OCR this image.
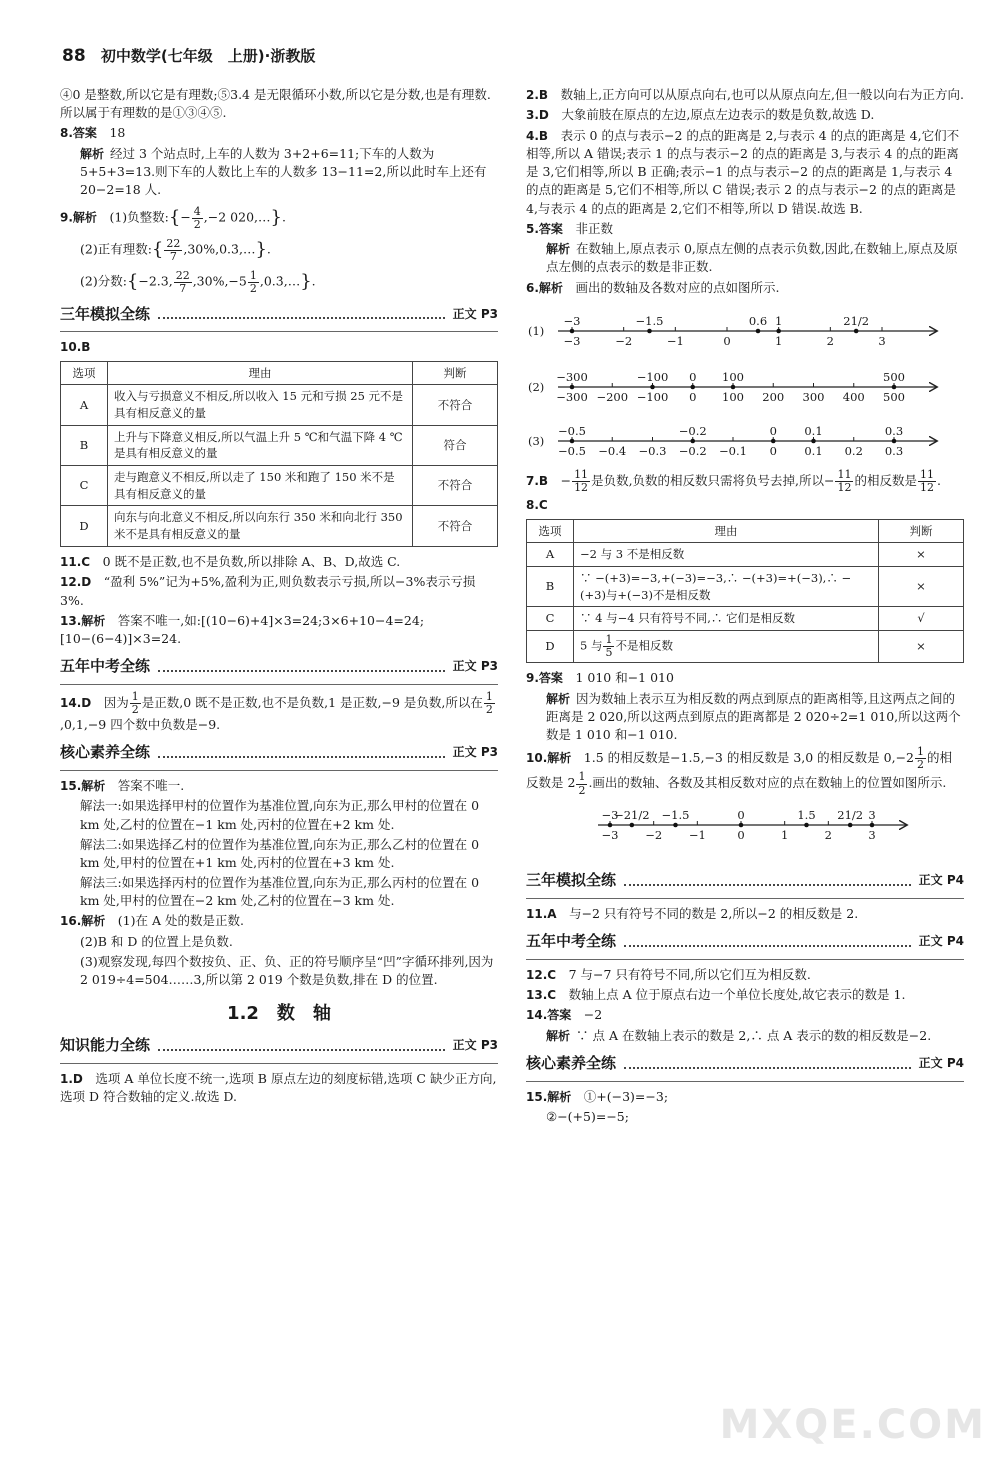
88 初中数学(七年级　上册)·浙教版

④0 是整数,所以它是有理数;⑤3.4̇ 是无限循环小数,所以它是分数,也是有理数.所以属于有理数的是①③④⑤.

8.答案　 18

解析 经过 3 个站点时,上车的人数为 3+2+6=11;下车的人数为 5+5+3=13.则下车的人数比上车的人数多 13−11=2,所以此时车上还有 20−2=18 人.

9.解析　 (1)负整数:{− $\frac{4}{2} ,-2$ 020,…}.

(2)正有理数:{ $\frac{22}{7}$ ,30%,0.3̇,…}.

(2)分数:{−2.3, $\frac{22}{7} ,30\%,-5 \frac{1}{2}$ ,0.3̇,…}.

三年模拟全练	正文 P3

10.B

选项	理由	判断
A	收入与亏损意义不相反,所以收入 15 元和亏损 25 元不是具有相反意义的量	不符合
B	上升与下降意义相反,所以气温上升 5 ℃和气温下降 4 ℃是具有相反意义的量	符合
C	走与跑意义不相反,所以走了 150 米和跑了 150 米不是具有相反意义的量	不符合
D	向东与向北意义不相反,所以向东行 350 米和向北行 350 米不是具有相反意义的量	不符合

11.C　 0 既不是正数,也不是负数,所以排除 A、B、D,故选 C.

12.D　 “盈利 5%”记为+5%,盈利为正,则负数表示亏损,所以−3%表示亏损 3%.

13.解析　 答案不唯一,如:[(10−6)+4]×3=24;3×6+10−4=24;[10−(6−4)]×3=24.

五年中考全练	正文 P3

14.D　 因为 $\frac{1}{2}$ 是正数,0 既不是正数,也不是负数,1 是正数,−9 是负数,所以在 $\frac{1}{2}$
,0,1,−9 四个数中负数是−9.

核心素养全练	正文 P3

15.解析　 答案不唯一.

解法一:如果选择甲村的位置作为基准位置,向东为正,那么甲村的位置在 0 km 处,乙村的位置在−1 km 处,丙村的位置在+2 km 处.

解法二:如果选择乙村的位置作为基准位置,向东为正,那么乙村的位置在 0 km 处,甲村的位置在+1 km 处,丙村的位置在+3 km 处.

解法三:如果选择丙村的位置作为基准位置,向东为正,那么丙村的位置在 0 km 处,甲村的位置在−2 km 处,乙村的位置在−3 km 处.

16.解析　 (1)在 A 处的数是正数.

(2)B 和 D 的位置上是负数.

(3)观察发现,每四个数按负、正、负、正的符号顺序呈“凹”字循环排列,因为 2 019÷4=504……3,所以第 2 019 个数是负数,排在 D 的位置.

1.2　数　轴
知识能力全练	正文 P3

1.D　 选项 A 单位长度不统一,选项 B 原点左边的刻度标错,选项 C 缺少正方向,选项 D 符合数轴的定义.故选 D.

2.B　 数轴上,正方向可以从原点向右,也可以从原点向左,但一般以向右为正方向.

3.D　 大象前肢在原点的左边,原点左边表示的数是负数,故选 D.

4.B　 表示 0 的点与表示−2 的点的距离是 2,与表示 4 的点的距离是 4,它们不相等,所以 A 错误;表示 1 的点与表示−2 的点的距离是 3,与表示 4 的点的距离是 3,它们相等,所以 B 正确;表示−1 的点与表示−2 的点的距离是 1,与表示 4 的点的距离是 5,它们不相等,所以 C 错误;表示 2 的点与表示−2 的点的距离是 4,与表示 4 的点的距离是 2,它们不相等,所以 D 错误.故选 B.

5.答案　 非正数

解析 在数轴上,原点表示 0,原点左侧的点表示负数,因此,在数轴上,原点及原点左侧的点表示的数是非正数.

6.解析　 画出的数轴及各数对应的点如图所示.

(1)
−3	−2	−1	0	1	2	3
−3	−1.5	0.6 1	21/2
(2)
−300 −200 −100 0 100 200 300 400 500
−300	−100 0 100	500
(3)
−0.5 −0.4 −0.3 −0.2 −0.1 0 0.1 0.2 0.3
−0.5	−0.2	0 0.1	0.3

7.B　 − $\frac{11}{12}$ 是负数,负数的相反数只需将负号去掉,所以− $\frac{11}{12}$ 的相反数是 $\frac{11}{12}$ .

8.C

选项	理由	判断
A	−2 与 3 不是相反数	×
B	∵ −(+3)=−3,+(−3)=−3,∴ −(+3)=+(−3),∴ −(+3)与+(−3)不是相反数	×
C	∵ 4 与−4 只有符号不同,∴ 它们是相反数	√
D	5 与 $\frac{1}{5}$ 不是相反数	×

9.答案　 1 010 和−1 010

解析 因为数轴上表示互为相反数的两点到原点的距离相等,且这两点之间的距离是 2 020,所以这两点到原点的距离都是 2 020÷2=1 010,所以这两个数是 1 010 和−1 010.

10.解析　 1.5 的相反数是−1.5,−3 的相反数是 3,0 的相反数是 $0,-2 \frac{1}{2}$ 的相反数是 $2 \frac{1}{2}$ .画出的数轴、各数及其相反数对应的点在数轴上的位置如图所示.

−3 −2 −1	0	1	2	3
−3
−21/2 −1.5	0	1.5 21/2 3
三年模拟全练	正文 P4

11.A　 与−2 只有符号不同的数是 2,所以−2 的相反数是 2.

五年中考全练	正文 P4

12.C　 7 与−7 只有符号不同,所以它们互为相反数.

13.C　 数轴上点 A 位于原点右边一个单位长度处,故它表示的数是 1.

14.答案　 −2

解析 ∵ 点 A 在数轴上表示的数是 2,∴ 点 A 表示的数的相反数是−2.

核心素养全练	正文 P4

15.解析　 ①+(−3)=−3;

②−(+5)=−5;

MXQE.COM
